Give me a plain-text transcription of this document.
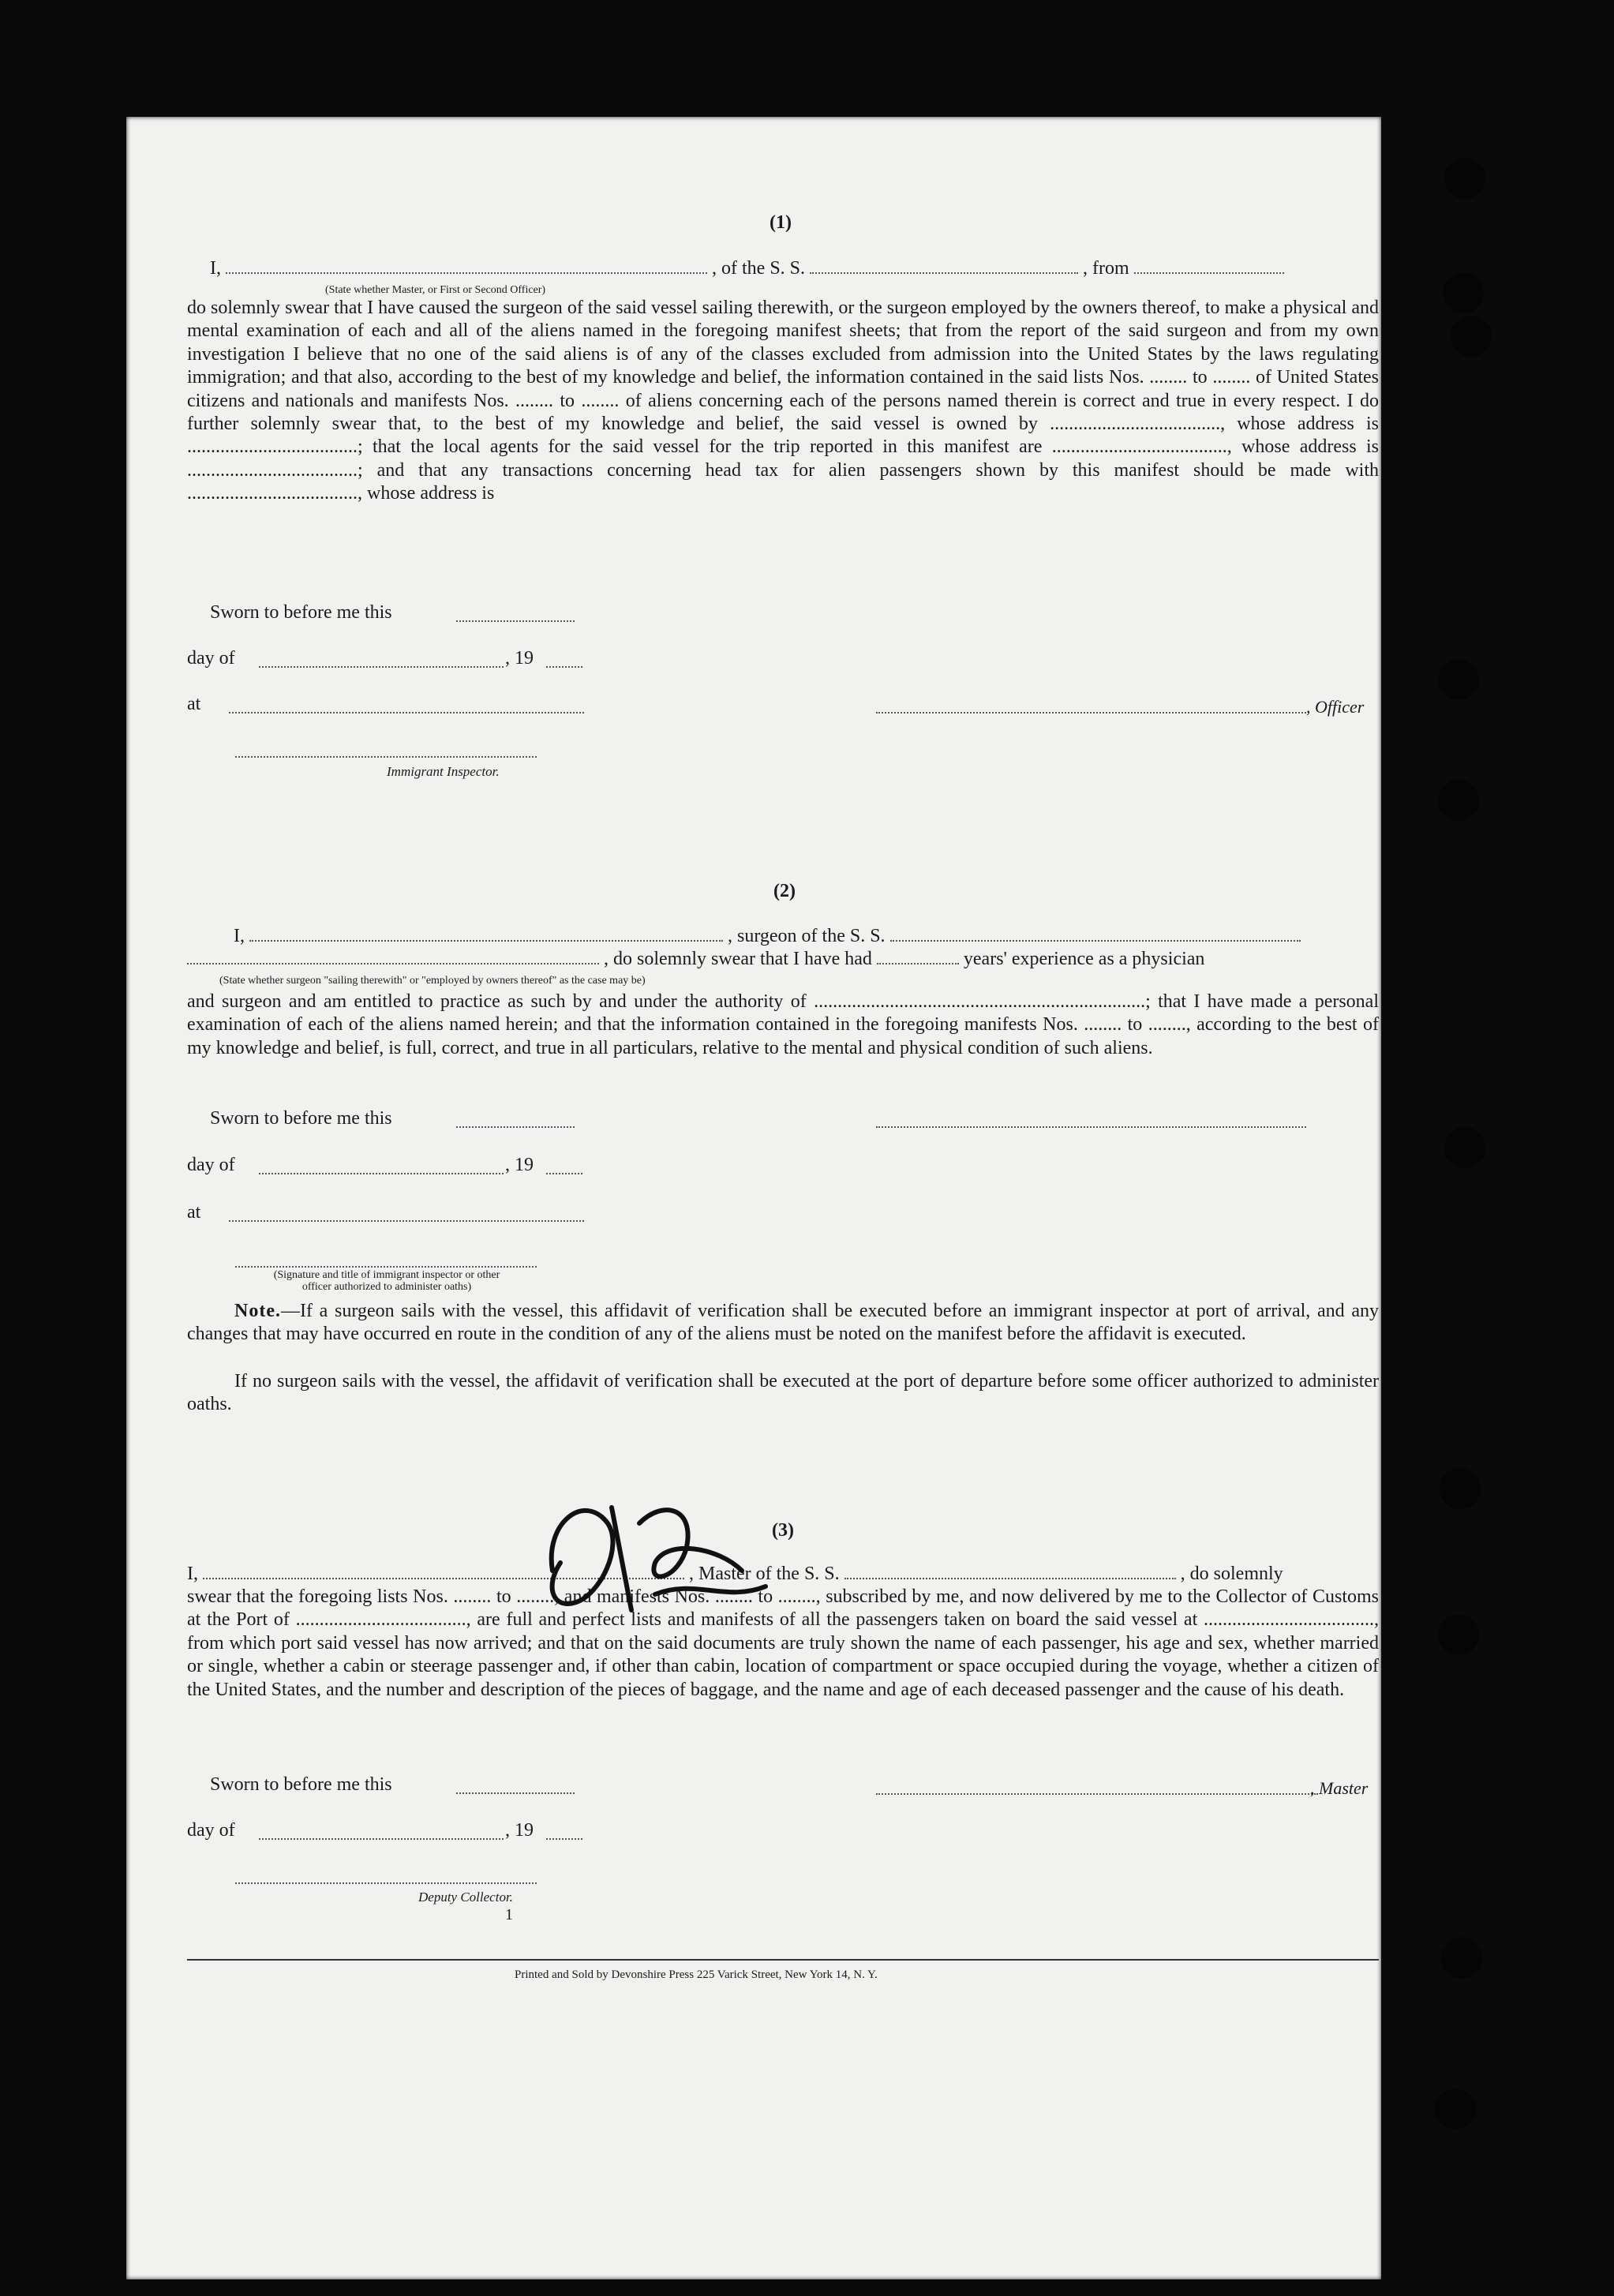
(1)
I,	, of the S. S.	, from
(State whether Master, or First or Second Officer)
do solemnly swear that I have caused the surgeon of the said vessel sailing therewith, or the surgeon employed by the owners thereof, to make a physical and mental examination of each and all of the aliens named in the foregoing manifest sheets; that from the report of the said surgeon and from my own investigation I believe that no one of the said aliens is of any of the classes excluded from admission into the United States by the laws regulating immigration; and that also, according to the best of my knowledge and belief, the information contained in the said lists Nos. ........ to ........ of United States citizens and nationals and manifests Nos. ........ to ........ of aliens concerning each of the persons named therein is correct and true in every respect. I do further solemnly swear that, to the best of my knowledge and belief, the said vessel is owned by ...................................., whose address is ....................................; that the local agents for the said vessel for the trip reported in this manifest are ....................................., whose address is ....................................; and that any transactions concerning head tax for alien passengers shown by this manifest should be made with ...................................., whose address is
Sworn to before me this
day of	, 19
at	, Officer
Immigrant Inspector.
(2)
I,	, surgeon of the S. S.
, do solemnly swear that I have had	years' experience as a physician
(State whether surgeon "sailing therewith" or "employed by owners thereof" as the case may be)
and surgeon and am entitled to practice as such by and under the authority of ......................................................................; that I have made a personal examination of each of the aliens named herein; and that the information contained in the foregoing manifests Nos. ........ to ........, according to the best of my knowledge and belief, is full, correct, and true in all particulars, relative to the mental and physical condition of such aliens.
Sworn to before me this
day of	, 19
at
(Signature and title of immigrant inspector or other officer authorized to administer oaths)
Note.—If a surgeon sails with the vessel, this affidavit of verification shall be executed before an immigrant inspector at port of arrival, and any changes that may have occurred en route in the condition of any of the aliens must be noted on the manifest before the affidavit is executed.
If no surgeon sails with the vessel, the affidavit of verification shall be executed at the port of departure before some officer authorized to administer oaths.
(3)
I,	, Master of the S. S.	, do solemnly
swear that the foregoing lists Nos. ........ to ........, and manifests Nos. ........ to ........, subscribed by me, and now delivered by me to the Collector of Customs at the Port of ...................................., are full and perfect lists and manifests of all the passengers taken on board the said vessel at ...................................., from which port said vessel has now arrived; and that on the said documents are truly shown the name of each passenger, his age and sex, whether married or single, whether a cabin or steerage passenger and, if other than cabin, location of compartment or space occupied during the voyage, whether a citizen of the United States, and the number and description of the pieces of baggage, and the name and age of each deceased passenger and the cause of his death.
Sworn to before me this	, Master
day of	, 19
Deputy Collector.
1
Printed and Sold by Devonshire Press 225 Varick Street, New York 14, N. Y.
